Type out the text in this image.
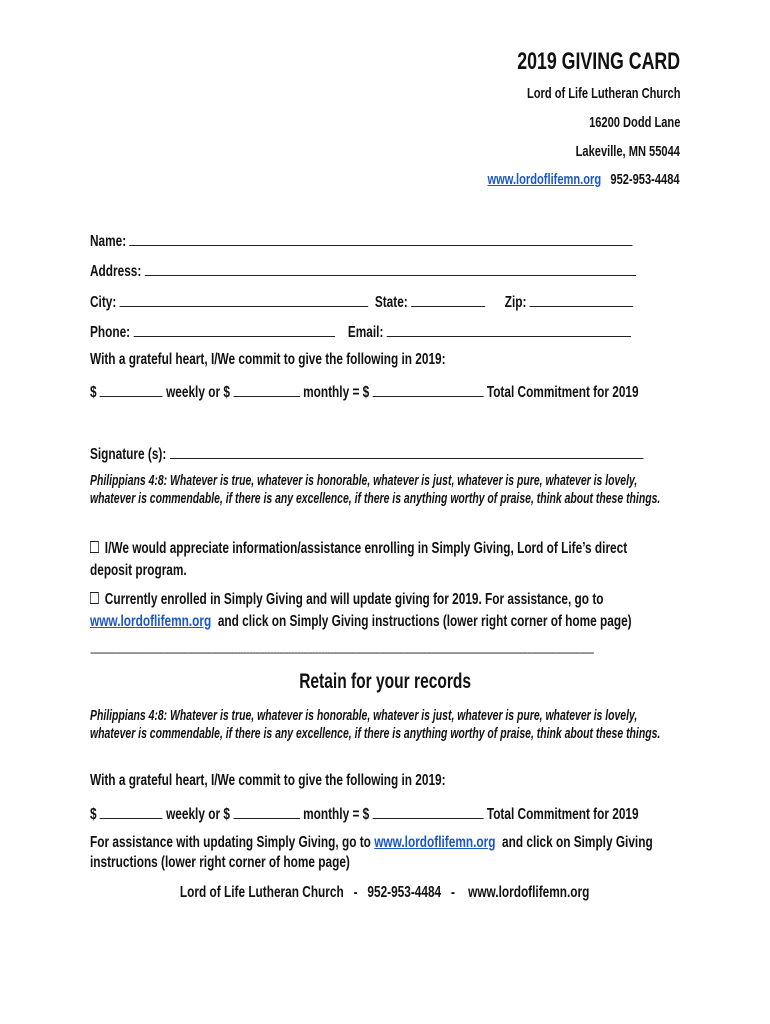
2019 GIVING CARD
Lord of Life Lutheran Church
16200 Dodd Lane
Lakeville, MN 55044
www.lordoflifemn.org 952-953-4484
Name:
Address:
City:	State:	Zip:
Phone:	Email:
With a grateful heart, I/We commit to give the following in 2019:
$	weekly or $	monthly = $	Total Commitment for 2019
Signature (s):
Philippians 4:8: Whatever is true, whatever is honorable, whatever is just, whatever is pure, whatever is lovely, whatever is commendable, if there is any excellence, if there is anything worthy of praise, think about these things.
I/We would appreciate information/assistance enrolling in Simply Giving, Lord of Life’s direct deposit program.
Currently enrolled in Simply Giving and will update giving for 2019. For assistance, go to www.lordoflifemn.org and click on Simply Giving instructions (lower right corner of home page)
------------------------------------------------------------------------------------------------------------------------------------------------------------------------
Retain for your records
Philippians 4:8: Whatever is true, whatever is honorable, whatever is just, whatever is pure, whatever is lovely, whatever is commendable, if there is any excellence, if there is anything worthy of praise, think about these things.
With a grateful heart, I/We commit to give the following in 2019:
$	weekly or $	monthly = $	Total Commitment for 2019
For assistance with updating Simply Giving, go to www.lordoflifemn.org and click on Simply Giving
instructions (lower right corner of home page)
Lord of Life Lutheran Church - 952-953-4484 - www.lordoflifemn.org
